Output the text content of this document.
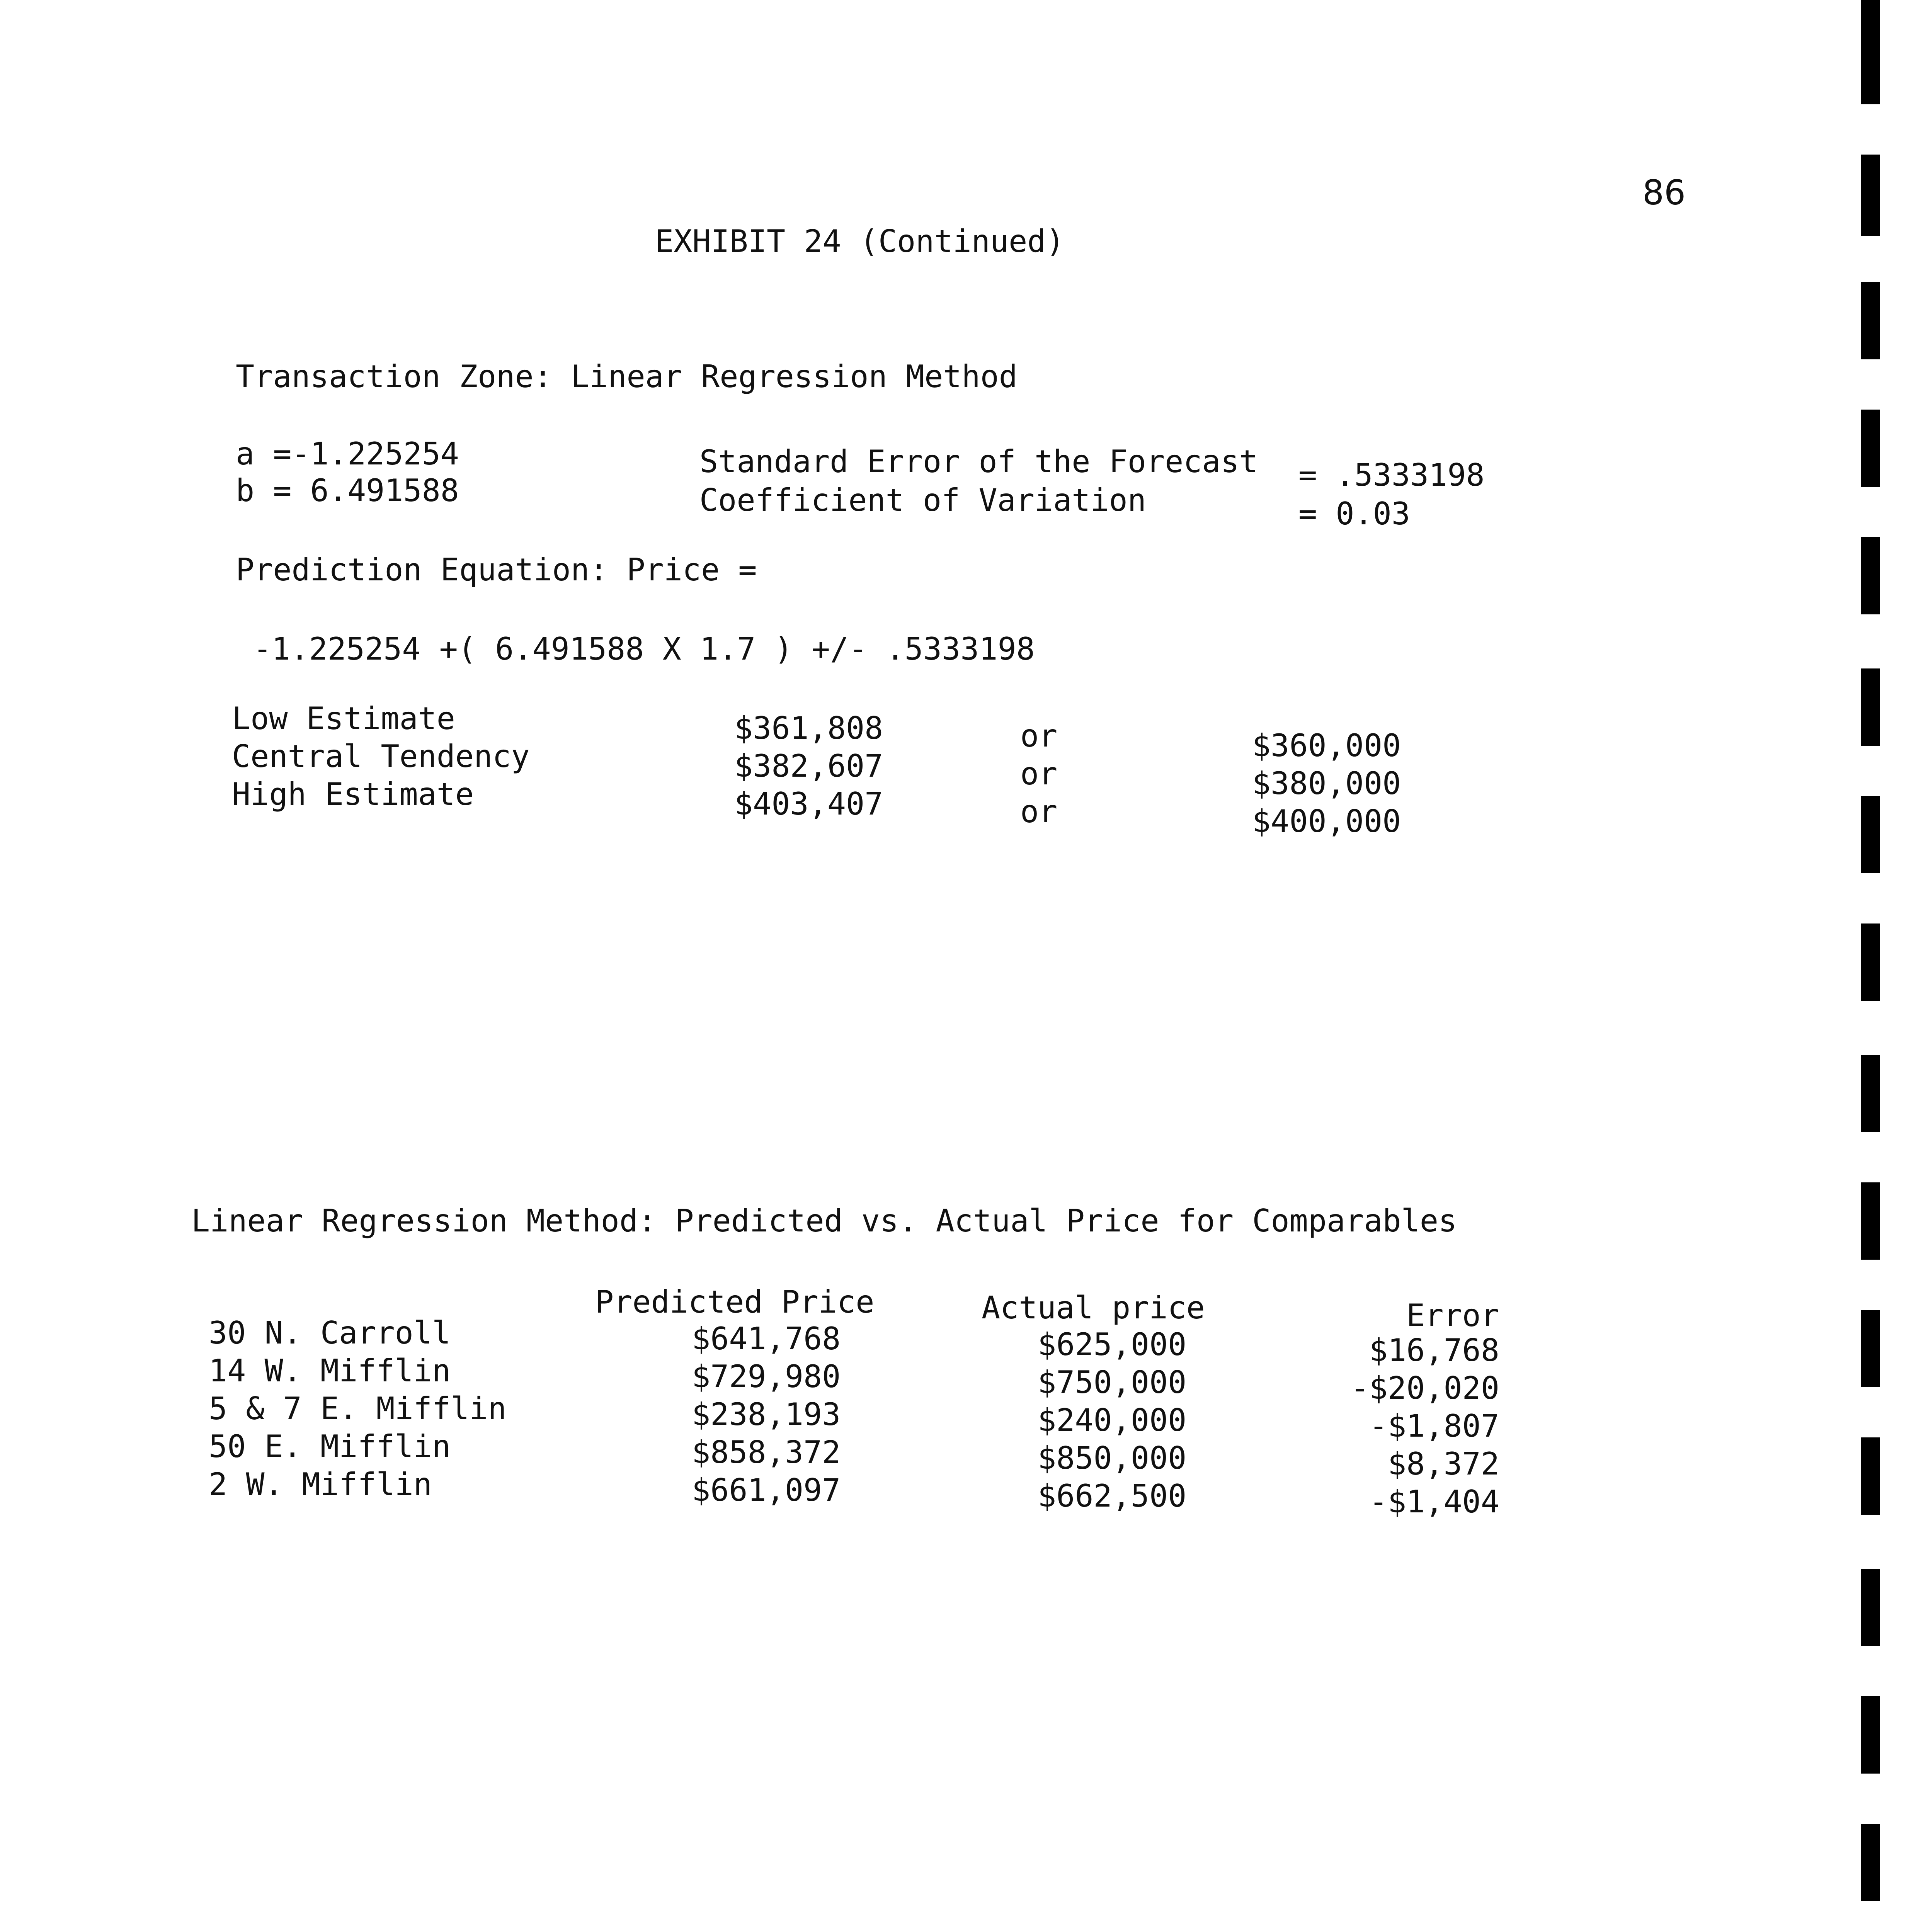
86
EXHIBIT 24 (Continued)
Transaction Zone: Linear Regression Method
a =-1.225254
b = 6.491588
Standard Error of the Forecast = .5333198
Coefficient of Variation	= 0.03
Prediction Equation: Price =
-1.225254 +( 6.491588 X 1.7 ) +/- .5333198
Low Estimate	$361,808	or	$360,000
Central Tendency	$382,607	or	$380,000
High Estimate	$403,407	or	$400,000
Linear Regression Method: Predicted vs. Actual Price for Comparables
Predicted Price	Actual price	Error
30 N. Carroll	$641,768	$625,000	$16,768
14 W. Mifflin	$729,980	$750,000	-$20,020
5 & 7 E. Mifflin	$238,193	$240,000	-$1,807
50 E. Mifflin	$858,372	$850,000	$8,372
2 W. Mifflin	$661,097	$662,500	-$1,404
